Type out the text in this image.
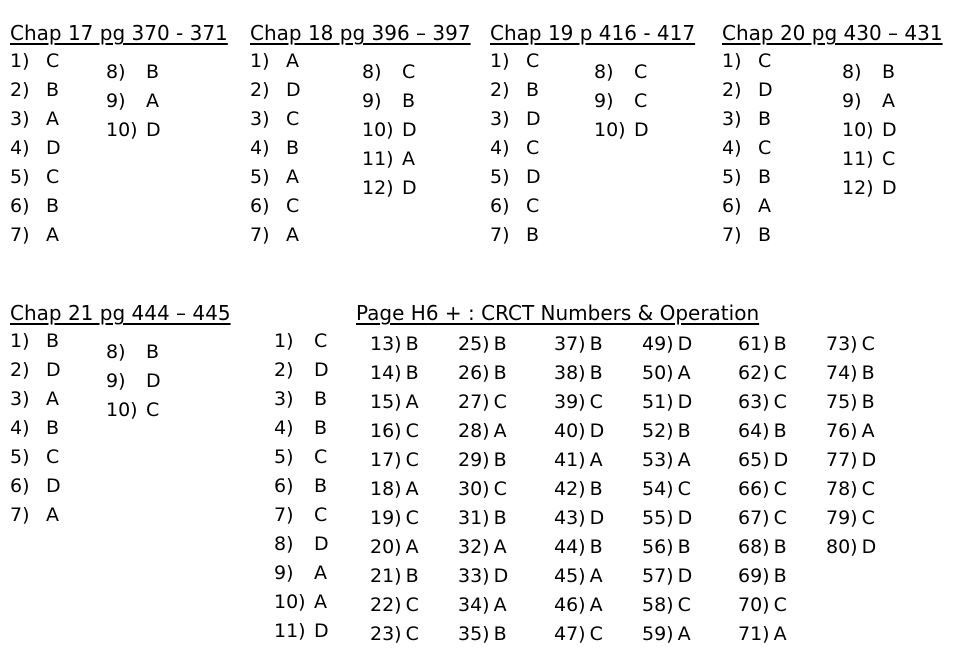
Chap 17 pg 370 - 371
1) C
2) B
3) A
4) D
5) C
6) B
7) A
8) B
9) A
10) D
Chap 18 pg 396 – 397
1) A
2) D
3) C
4) B
5) A
6) C
7) A
8) C
9) B
10) D
11) A
12) D
Chap 19 p 416 - 417
1) C
2) B
3) D
4) C
5) D
6) C
7) B
8) C
9) C
10) D
Chap 20 pg 430 – 431
1) C
2) D
3) B
4) C
5) B
6) A
7) B
8) B
9) A
10) D
11) C
12) D
Chap 21 pg 444 – 445
1) B
2) D
3) A
4) B
5) C
6) D
7) A
8) B
9) D
10) C
Page H6 + : CRCT Numbers & Operation
1) C
2) D
3) B
4) B
5) C
6) B
7) C
8) D
9) A
10) A
11) D
13) B
14) B
15) A
16) C
17) C
18) A
19) C
20) A
21) B
22) C
23) C
25) B
26) B
27) C
28) A
29) B
30) C
31) B
32) A
33) D
34) A
35) B
37) B
38) B
39) C
40) D
41) A
42) B
43) D
44) B
45) A
46) A
47) C
49) D
50) A
51) D
52) B
53) A
54) C
55) D
56) B
57) D
58) C
59) A
61) B
62) C
63) C
64) B
65) D
66) C
67) C
68) B
69) B
70) C
71) A
73) C
74) B
75) B
76) A
77) D
78) C
79) C
80) D
